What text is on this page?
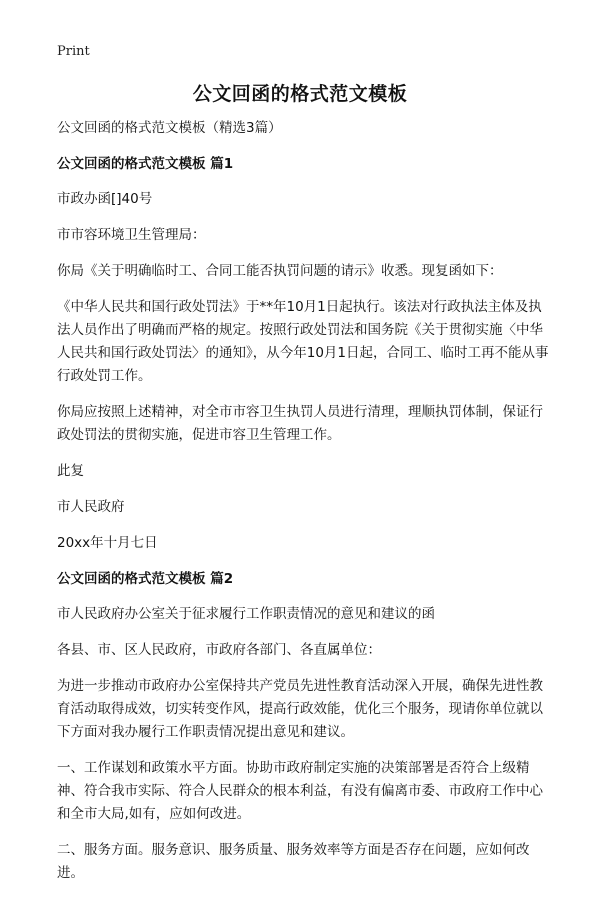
Print
公文回函的格式范文模板

公文回函的格式范文模板（精选3篇）

公文回函的格式范文模板 篇1

市政办函[]40号

市市容环境卫生管理局：

你局《关于明确临时工、合同工能否执罚问题的请示》收悉。现复函如下：

《中华人民共和国行政处罚法》于**年10月1日起执行。该法对行政执法主体及执法人员作出了明确而严格的规定。按照行政处罚法和国务院《关于贯彻实施〈中华人民共和国行政处罚法〉的通知》，从今年10月1日起，合同工、临时工再不能从事行政处罚工作。

你局应按照上述精神，对全市市容卫生执罚人员进行清理，理顺执罚体制，保证行政处罚法的贯彻实施，促进市容卫生管理工作。

此复

市人民政府

20xx年十月七日

公文回函的格式范文模板 篇2

市人民政府办公室关于征求履行工作职责情况的意见和建议的函

各县、市、区人民政府，市政府各部门、各直属单位：

为进一步推动市政府办公室保持共产党员先进性教育活动深入开展，确保先进性教育活动取得成效，切实转变作风，提高行政效能，优化三个服务，现请你单位就以下方面对我办履行工作职责情况提出意见和建议。

一、工作谋划和政策水平方面。协助市政府制定实施的决策部署是否符合上级精神、符合我市实际、符合人民群众的根本利益，有没有偏离市委、市政府工作中心和全市大局,如有，应如何改进。

二、服务方面。服务意识、服务质量、服务效率等方面是否存在问题，应如何改进。
